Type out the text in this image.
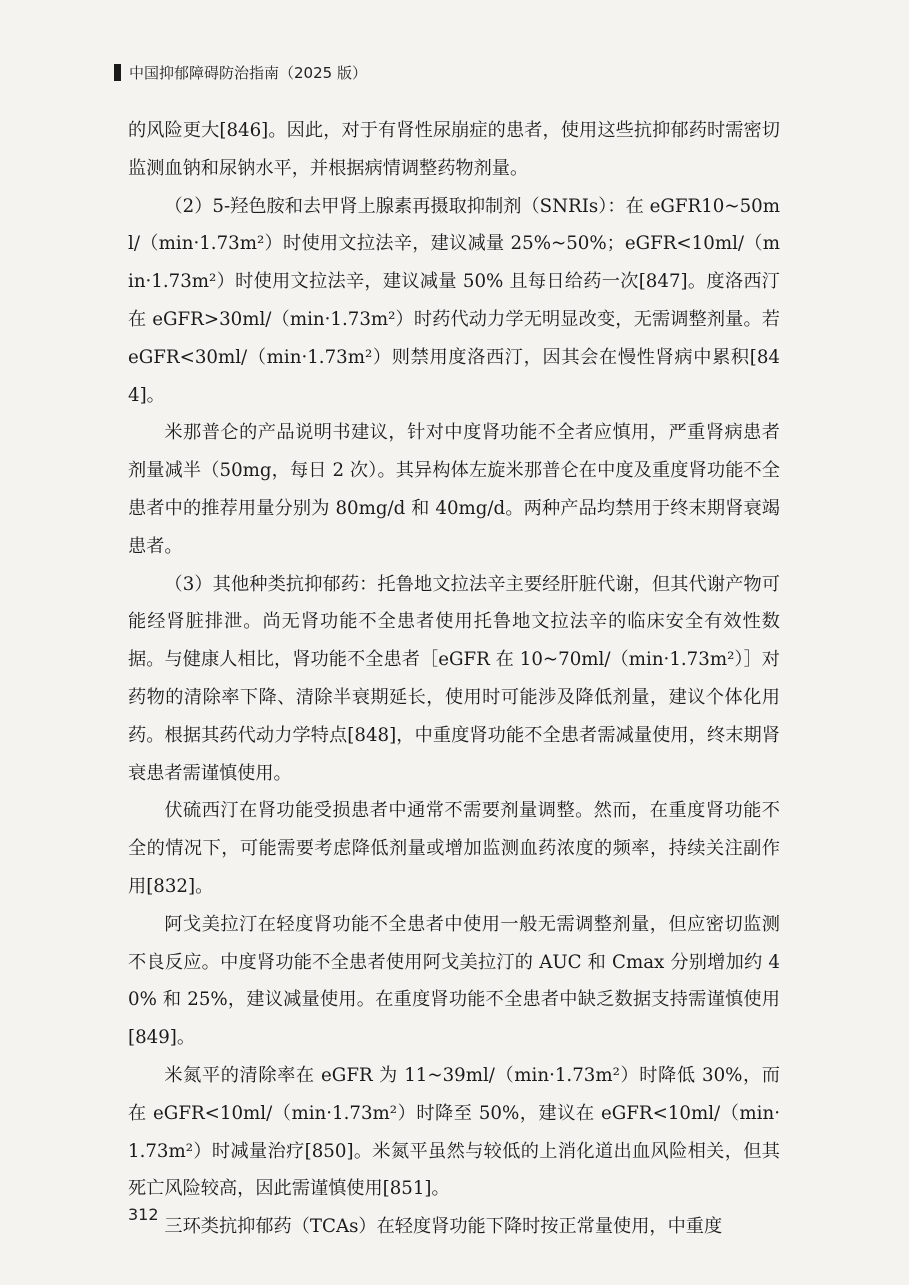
中国抑郁障碍防治指南（2025 版）

的风险更大[846]。因此，对于有肾性尿崩症的患者，使用这些抗抑郁药时需密切监测血钠和尿钠水平，并根据病情调整药物剂量。

（2）5-羟色胺和去甲肾上腺素再摄取抑制剂（SNRIs）：在 eGFR10~50ml/（min·1.73m²）时使用文拉法辛，建议减量 25%~50%；eGFR<10ml/（min·1.73m²）时使用文拉法辛，建议减量 50% 且每日给药一次[847]。度洛西汀在 eGFR>30ml/（min·1.73m²）时药代动力学无明显改变，无需调整剂量。若 eGFR<30ml/（min·1.73m²）则禁用度洛西汀，因其会在慢性肾病中累积[844]。

米那普仑的产品说明书建议，针对中度肾功能不全者应慎用，严重肾病患者剂量减半（50mg，每日 2 次）。其异构体左旋米那普仑在中度及重度肾功能不全患者中的推荐用量分别为 80mg/d 和 40mg/d。两种产品均禁用于终末期肾衰竭患者。

（3）其他种类抗抑郁药：托鲁地文拉法辛主要经肝脏代谢，但其代谢产物可能经肾脏排泄。尚无肾功能不全患者使用托鲁地文拉法辛的临床安全有效性数据。与健康人相比，肾功能不全患者［eGFR 在 10~70ml/（min·1.73m²）］对药物的清除率下降、清除半衰期延长，使用时可能涉及降低剂量，建议个体化用药。根据其药代动力学特点[848]，中重度肾功能不全患者需减量使用，终末期肾衰患者需谨慎使用。

伏硫西汀在肾功能受损患者中通常不需要剂量调整。然而，在重度肾功能不全的情况下，可能需要考虑降低剂量或增加监测血药浓度的频率，持续关注副作用[832]。

阿戈美拉汀在轻度肾功能不全患者中使用一般无需调整剂量，但应密切监测不良反应。中度肾功能不全患者使用阿戈美拉汀的 AUC 和 Cmax 分别增加约 40% 和 25%，建议减量使用。在重度肾功能不全患者中缺乏数据支持需谨慎使用[849]。

米氮平的清除率在 eGFR 为 11~39ml/（min·1.73m²）时降低 30%，而在 eGFR<10ml/（min·1.73m²）时降至 50%，建议在 eGFR<10ml/（min·1.73m²）时减量治疗[850]。米氮平虽然与较低的上消化道出血风险相关，但其死亡风险较高，因此需谨慎使用[851]。

三环类抗抑郁药（TCAs）在轻度肾功能下降时按正常量使用，中重度

312
